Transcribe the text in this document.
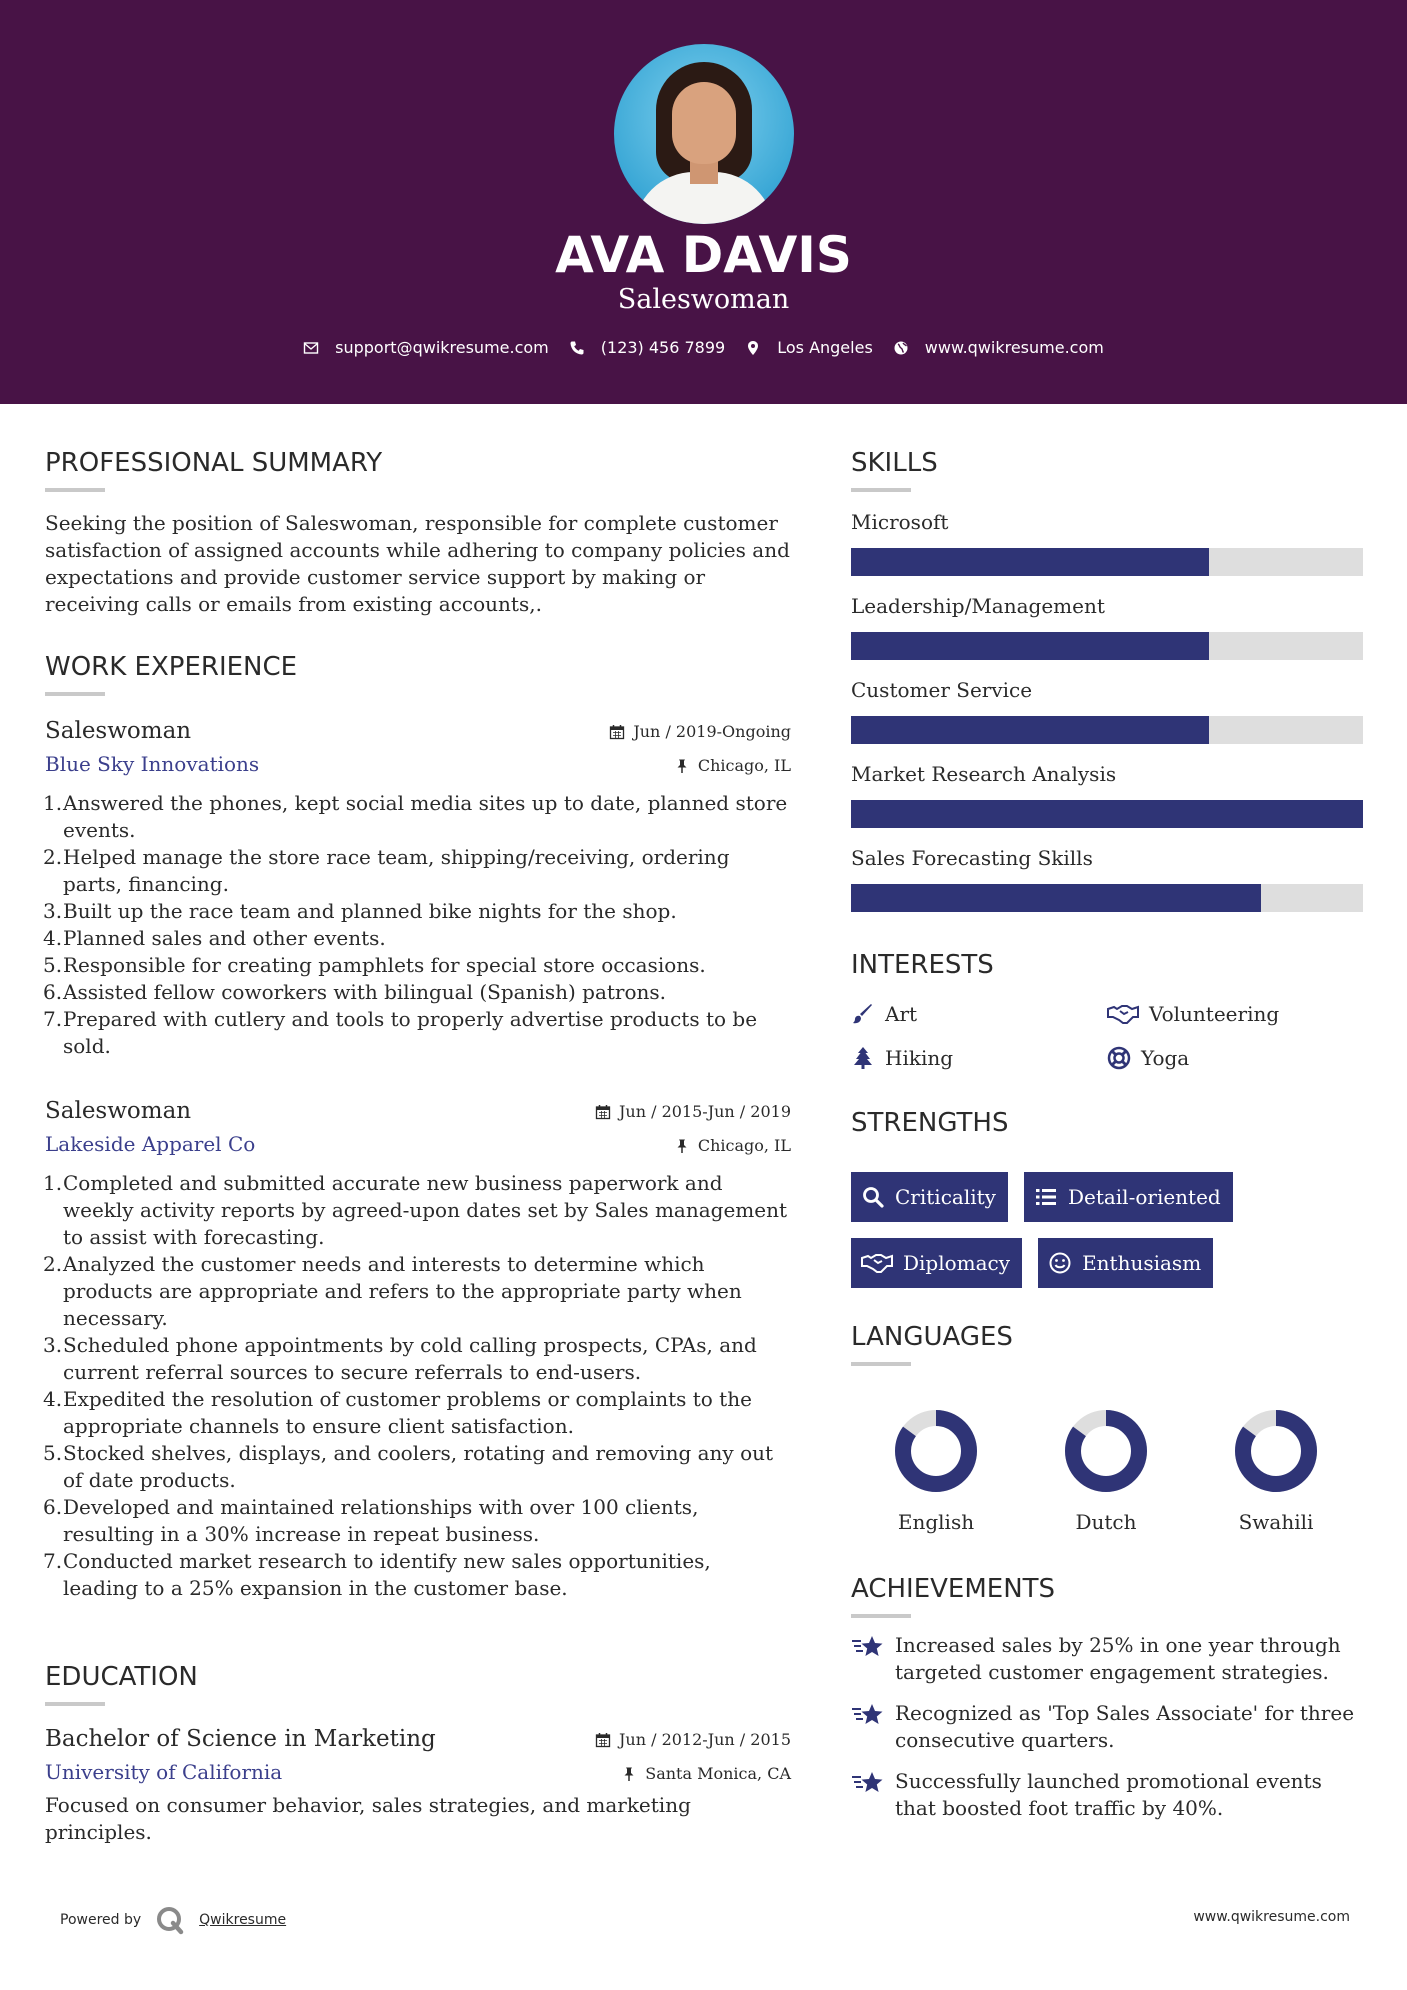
AVA DAVIS
Saleswoman
support@qwikresume.com	(123) 456 7899	Los Angeles	www.qwikresume.com
PROFESSIONAL SUMMARY

Seeking the position of Saleswoman, responsible for complete customer satisfaction of assigned accounts while adhering to company policies and expectations and provide customer service support by making or receiving calls or emails from existing accounts,.

WORK EXPERIENCE
Jun / 2019-Ongoing
Chicago, IL
Saleswoman
Blue Sky Innovations
1. Answered the phones, kept social media sites up to date, planned store events.
2. Helped manage the store race team, shipping/receiving, ordering parts, financing.
3. Built up the race team and planned bike nights for the shop.
4. Planned sales and other events.
5. Responsible for creating pamphlets for special store occasions.
6. Assisted fellow coworkers with bilingual (Spanish) patrons.
7. Prepared with cutlery and tools to properly advertise products to be sold.
Jun / 2015-Jun / 2019
Chicago, IL
Saleswoman
Lakeside Apparel Co
1. Completed and submitted accurate new business paperwork and weekly activity reports by agreed-upon dates set by Sales management to assist with forecasting.
2. Analyzed the customer needs and interests to determine which products are appropriate and refers to the appropriate party when necessary.
3. Scheduled phone appointments by cold calling prospects, CPAs, and current referral sources to secure referrals to end-users.
4. Expedited the resolution of customer problems or complaints to the appropriate channels to ensure client satisfaction.
5. Stocked shelves, displays, and coolers, rotating and removing any out of date products.
6. Developed and maintained relationships with over 100 clients, resulting in a 30% increase in repeat business.
7. Conducted market research to identify new sales opportunities, leading to a 25% expansion in the customer base.
EDUCATION
Jun / 2012-Jun / 2015
Santa Monica, CA
Bachelor of Science in Marketing
University of California

Focused on consumer behavior, sales strategies, and marketing principles.

SKILLS
Microsoft
Leadership/Management
Customer Service
Market Research Analysis
Sales Forecasting Skills
INTERESTS
Art	Volunteering
Hiking	Yoga
STRENGTHS
Criticality	Detail-oriented
Diplomacy	Enthusiasm
LANGUAGES
English	Dutch	Swahili
ACHIEVEMENTS
Increased sales by 25% in one year through targeted customer engagement strategies.
Recognized as 'Top Sales Associate' for three consecutive quarters.
Successfully launched promotional events that boosted foot traffic by 40%.
Powered by	Qwikresume	www.qwikresume.com
